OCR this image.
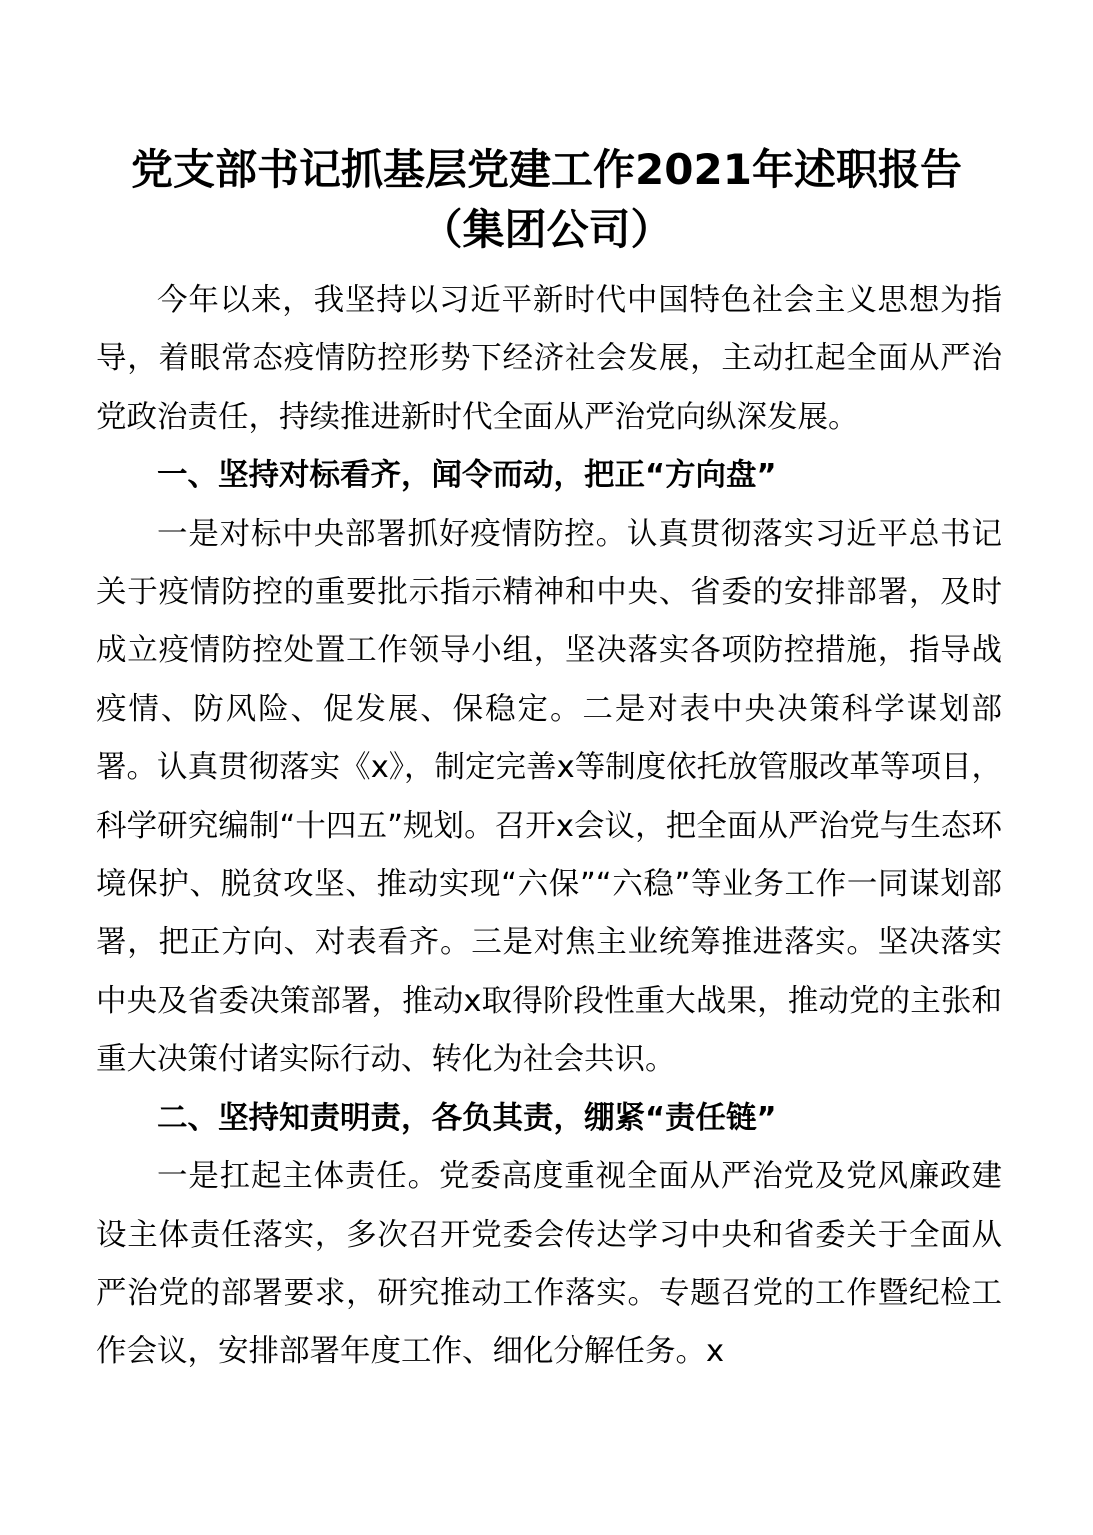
党支部书记抓基层党建工作2021年述职报告
（集团公司）

今年以来，我坚持以习近平新时代中国特色社会主义思想为指导，着眼常态疫情防控形势下经济社会发展，主动扛起全面从严治党政治责任，持续推进新时代全面从严治党向纵深发展。

一、坚持对标看齐，闻令而动，把正“方向盘”

一是对标中央部署抓好疫情防控。认真贯彻落实习近平总书记关于疫情防控的重要批示指示精神和中央、省委的安排部署，及时成立疫情防控处置工作领导小组，坚决落实各项防控措施，指导战疫情、防风险、促发展、保稳定。二是对表中央决策科学谋划部署。认真贯彻落实《x》，制定完善x等制度依托放管服改革等项目，科学研究编制“十四五”规划。召开x会议，把全面从严治党与生态环境保护、脱贫攻坚、推动实现“六保”“六稳”等业务工作一同谋划部署，把正方向、对表看齐。三是对焦主业统筹推进落实。坚决落实中央及省委决策部署，推动x取得阶段性重大战果，推动党的主张和重大决策付诸实际行动、转化为社会共识。

二、坚持知责明责，各负其责，绷紧“责任链”

一是扛起主体责任。党委高度重视全面从严治党及党风廉政建设主体责任落实，多次召开党委会传达学习中央和省委关于全面从严治党的部署要求，研究推动工作落实。专题召党的工作暨纪检工作会议，安排部署年度工作、细化分解任务。x
